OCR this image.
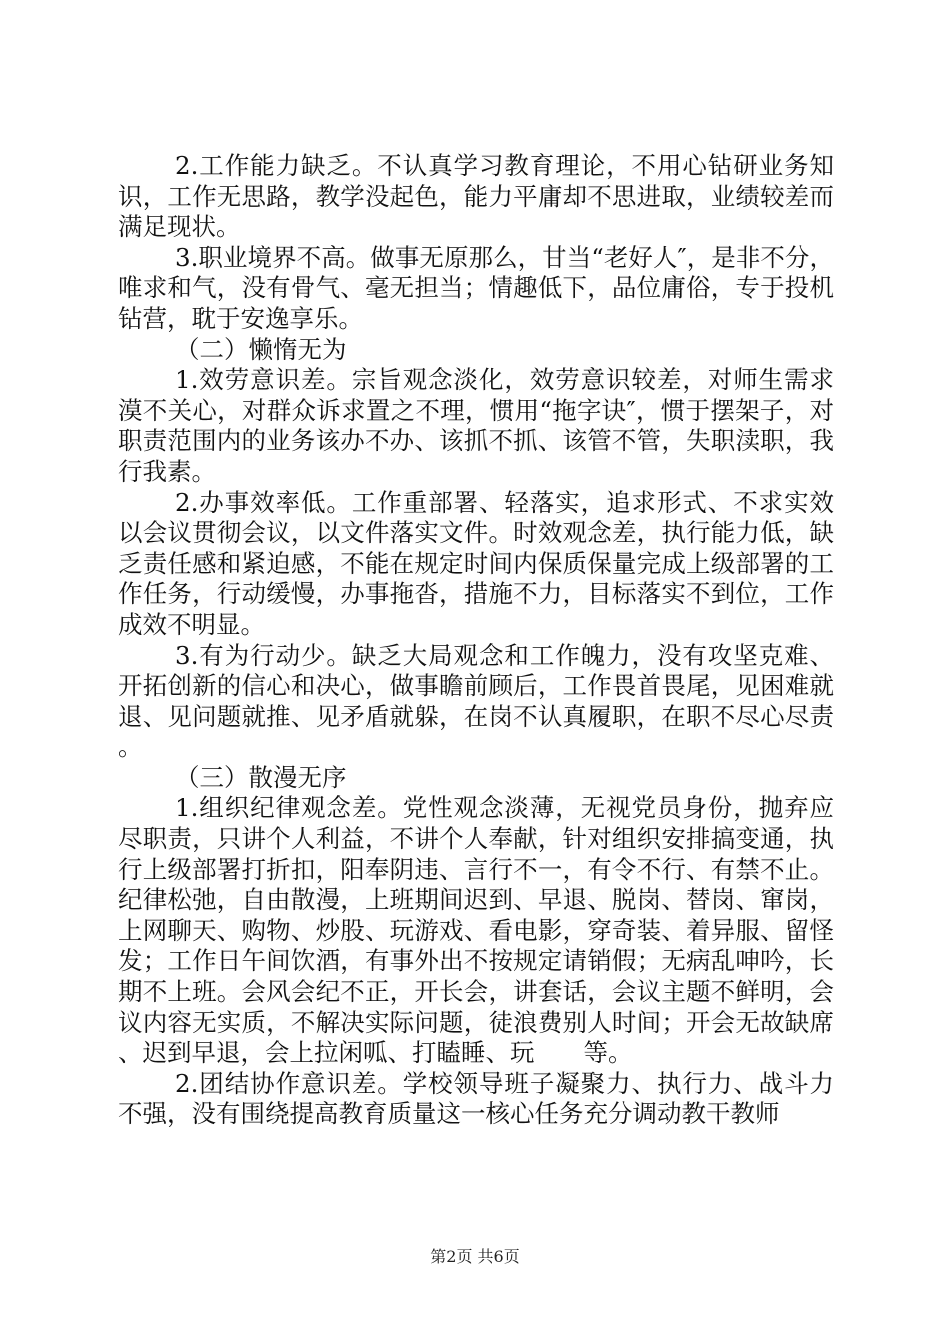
2.工作能力缺乏。不认真学习教育理论，不用心钻研业务知识，工作无思路，教学没起色，能力平庸却不思进取，业绩较差而满足现状。

3.职业境界不高。做事无原那么，甘当“老好人″，是非不分，唯求和气，没有骨气、毫无担当；情趣低下，品位庸俗，专于投机钻营，耽于安逸享乐。

（二）懒惰无为

1.效劳意识差。宗旨观念淡化，效劳意识较差，对师生需求漠不关心，对群众诉求置之不理，惯用“拖字诀″，惯于摆架子，对职责范围内的业务该办不办、该抓不抓、该管不管，失职渎职，我行我素。

2.办事效率低。工作重部署、轻落实，追求形式、不求实效以会议贯彻会议，以文件落实文件。时效观念差，执行能力低，缺乏责任感和紧迫感，不能在规定时间内保质保量完成上级部署的工作任务，行动缓慢，办事拖沓，措施不力，目标落实不到位，工作成效不明显。

3.有为行动少。缺乏大局观念和工作魄力，没有攻坚克难、开拓创新的信心和决心，做事瞻前顾后，工作畏首畏尾，见困难就退、见问题就推、见矛盾就躲，在岗不认真履职，在职不尽心尽责。

（三）散漫无序

1.组织纪律观念差。党性观念淡薄，无视党员身份，抛弃应尽职责，只讲个人利益，不讲个人奉献，针对组织安排搞变通，执行上级部署打折扣，阳奉阴违、言行不一，有令不行、有禁不止。纪律松弛，自由散漫，上班期间迟到、早退、脱岗、替岗、窜岗，上网聊天、购物、炒股、玩游戏、看电影，穿奇装、着异服、留怪发；工作日午间饮酒，有事外出不按规定请销假；无病乱呻吟，长期不上班。会风会纪不正，开长会，讲套话，会议主题不鲜明，会议内容无实质，不解决实际问题，徒浪费别人时间；开会无故缺席、迟到早退，会上拉闲呱、打瞌睡、玩　　等。

2.团结协作意识差。学校领导班子凝聚力、执行力、战斗力不强，没有围绕提高教育质量这一核心任务充分调动教干教师

第2页 共6页
